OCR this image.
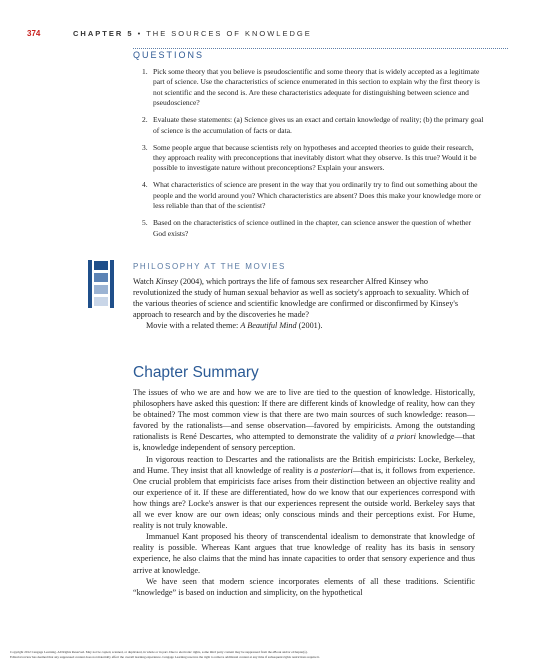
374	CHAPTER 5 • THE SOURCES OF KNOWLEDGE
QUESTIONS
1. Pick some theory that you believe is pseudoscientific and some theory that is widely accepted as a legitimate part of science. Use the characteristics of science enumerated in this section to explain why the first theory is not scientific and the second is. Are these characteristics adequate for distinguishing between science and pseudoscience?
2. Evaluate these statements: (a) Science gives us an exact and certain knowledge of reality; (b) the primary goal of science is the accumulation of facts or data.
3. Some people argue that because scientists rely on hypotheses and accepted theories to guide their research, they approach reality with preconceptions that inevitably distort what they observe. Is this true? Would it be possible to investigate nature without preconceptions? Explain your answers.
4. What characteristics of science are present in the way that you ordinarily try to find out something about the people and the world around you? Which characteristics are absent? Does this make your knowledge more or less reliable than that of the scientist?
5. Based on the characteristics of science outlined in the chapter, can science answer the question of whether God exists?
PHILOSOPHY AT THE MOVIES

Watch Kinsey (2004), which portrays the life of famous sex researcher Alfred Kinsey who revolutionized the study of human sexual behavior as well as society's approach to sexuality. Which of the various theories of science and scientific knowledge are confirmed or disconfirmed by Kinsey's approach to research and by the discoveries he made?

Movie with a related theme: A Beautiful Mind (2001).

Chapter Summary

The issues of who we are and how we are to live are tied to the question of knowledge. Historically, philosophers have asked this question: If there are different kinds of knowledge of reality, how can they be obtained? The most common view is that there are two main sources of such knowledge: reason—favored by the rationalists—and sense observation—favored by empiricists. Among the outstanding rationalists is René Descartes, who attempted to demonstrate the validity of a priori knowledge—that is, knowledge independent of sensory perception.

In vigorous reaction to Descartes and the rationalists are the British empiricists: Locke, Berkeley, and Hume. They insist that all knowledge of reality is a posteriori—that is, it follows from experience. One crucial problem that empiricists face arises from their distinction between an objective reality and our experience of it. If these are differentiated, how do we know that our experiences correspond with how things are? Locke's answer is that our experiences represent the outside world. Berkeley says that all we ever know are our own ideas; only conscious minds and their perceptions exist. For Hume, reality is not truly knowable.

Immanuel Kant proposed his theory of transcendental idealism to demonstrate that knowledge of reality is possible. Whereas Kant argues that true knowledge of reality has its basis in sensory experience, he also claims that the mind has innate capacities to order that sensory experience and thus arrive at knowledge.

We have seen that modern science incorporates elements of all these traditions. Scientific “knowledge” is based on induction and simplicity, on the hypothetical

Copyright 2012 Cengage Learning. All Rights Reserved. May not be copied, scanned, or duplicated, in whole or in part. Due to electronic rights, some third party content may be suppressed from the eBook and/or eChapter(s).

Editorial review has deemed that any suppressed content does not materially affect the overall learning experience. Cengage Learning reserves the right to remove additional content at any time if subsequent rights restrictions require it.
